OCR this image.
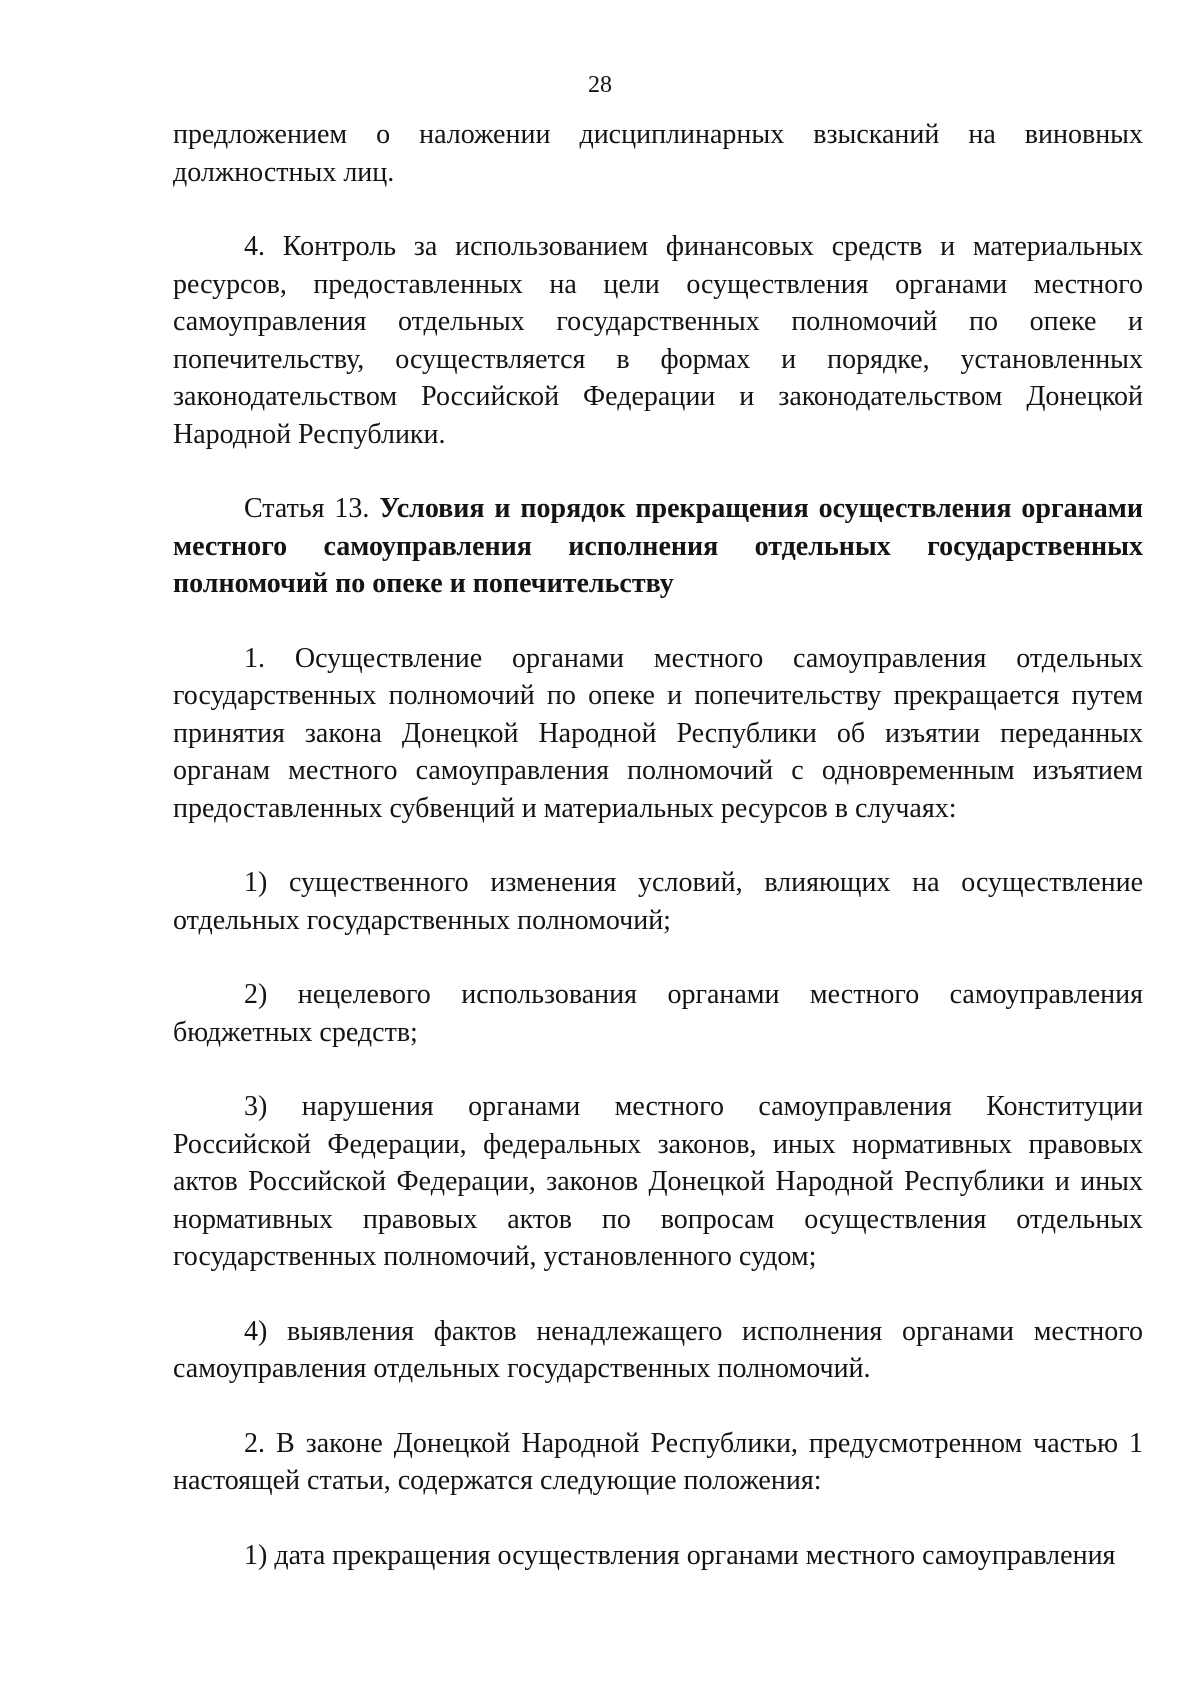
28

предложением о наложении дисциплинарных взысканий на виновных должностных лиц.

4. Контроль за использованием финансовых средств и материальных ресурсов, предоставленных на цели осуществления органами местного самоуправления отдельных государственных полномочий по опеке и попечительству, осуществляется в формах и порядке, установленных законодательством Российской Федерации и законодательством Донецкой Народной Республики.

Статья 13. Условия и порядок прекращения осуществления органами местного самоуправления исполнения отдельных государственных полномочий по опеке и попечительству

1. Осуществление органами местного самоуправления отдельных государственных полномочий по опеке и попечительству прекращается путем принятия закона Донецкой Народной Республики об изъятии переданных органам местного самоуправления полномочий с одновременным изъятием предоставленных субвенций и материальных ресурсов в случаях:

1) существенного изменения условий, влияющих на осуществление отдельных государственных полномочий;

2) нецелевого использования органами местного самоуправления бюджетных средств;

3) нарушения органами местного самоуправления Конституции Российской Федерации, федеральных законов, иных нормативных правовых актов Российской Федерации, законов Донецкой Народной Республики и иных нормативных правовых актов по вопросам осуществления отдельных государственных полномочий, установленного судом;

4) выявления фактов ненадлежащего исполнения органами местного самоуправления отдельных государственных полномочий.

2. В законе Донецкой Народной Республики, предусмотренном частью 1 настоящей статьи, содержатся следующие положения:

1) дата прекращения осуществления органами местного самоуправления
